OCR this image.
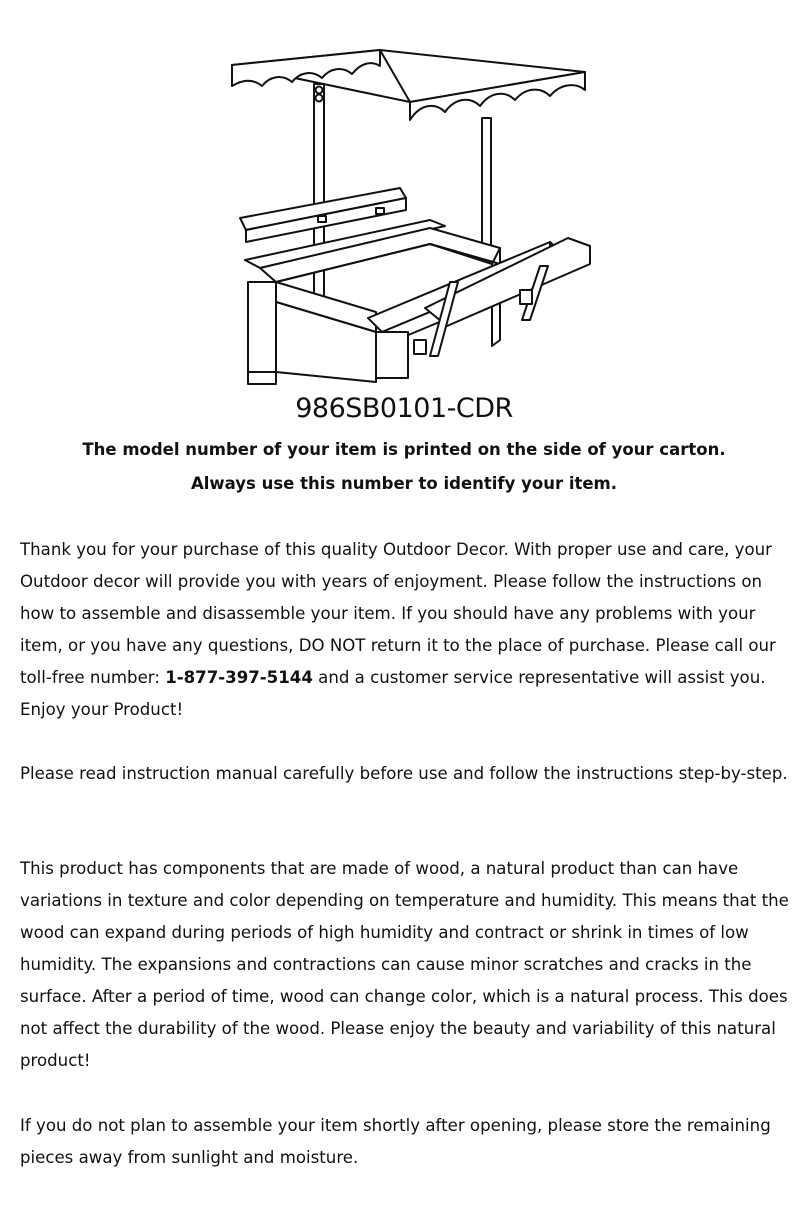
986SB0101-CDR
The model number of your item is printed on the side of your carton.
Always use this number to identify your item.

Thank you for your purchase of this quality Outdoor Decor. With proper use and care, your Outdoor decor will provide you with years of enjoyment. Please follow the instructions on how to assemble and disassemble your item. If you should have any problems with your item, or you have any questions, DO NOT return it to the place of purchase. Please call our toll-free number: 1-877-397-5144 and a customer service representative will assist you. Enjoy your Product!

Please read instruction manual carefully before use and follow the instructions step-by-step.

This product has components that are made of wood, a natural product than can have variations in texture and color depending on temperature and humidity. This means that the wood can expand during periods of high humidity and contract or shrink in times of low humidity. The expansions and contractions can cause minor scratches and cracks in the surface. After a period of time, wood can change color, which is a natural process. This does not affect the durability of the wood. Please enjoy the beauty and variability of this natural product!

If you do not plan to assemble your item shortly after opening, please store the remaining pieces away from sunlight and moisture.
